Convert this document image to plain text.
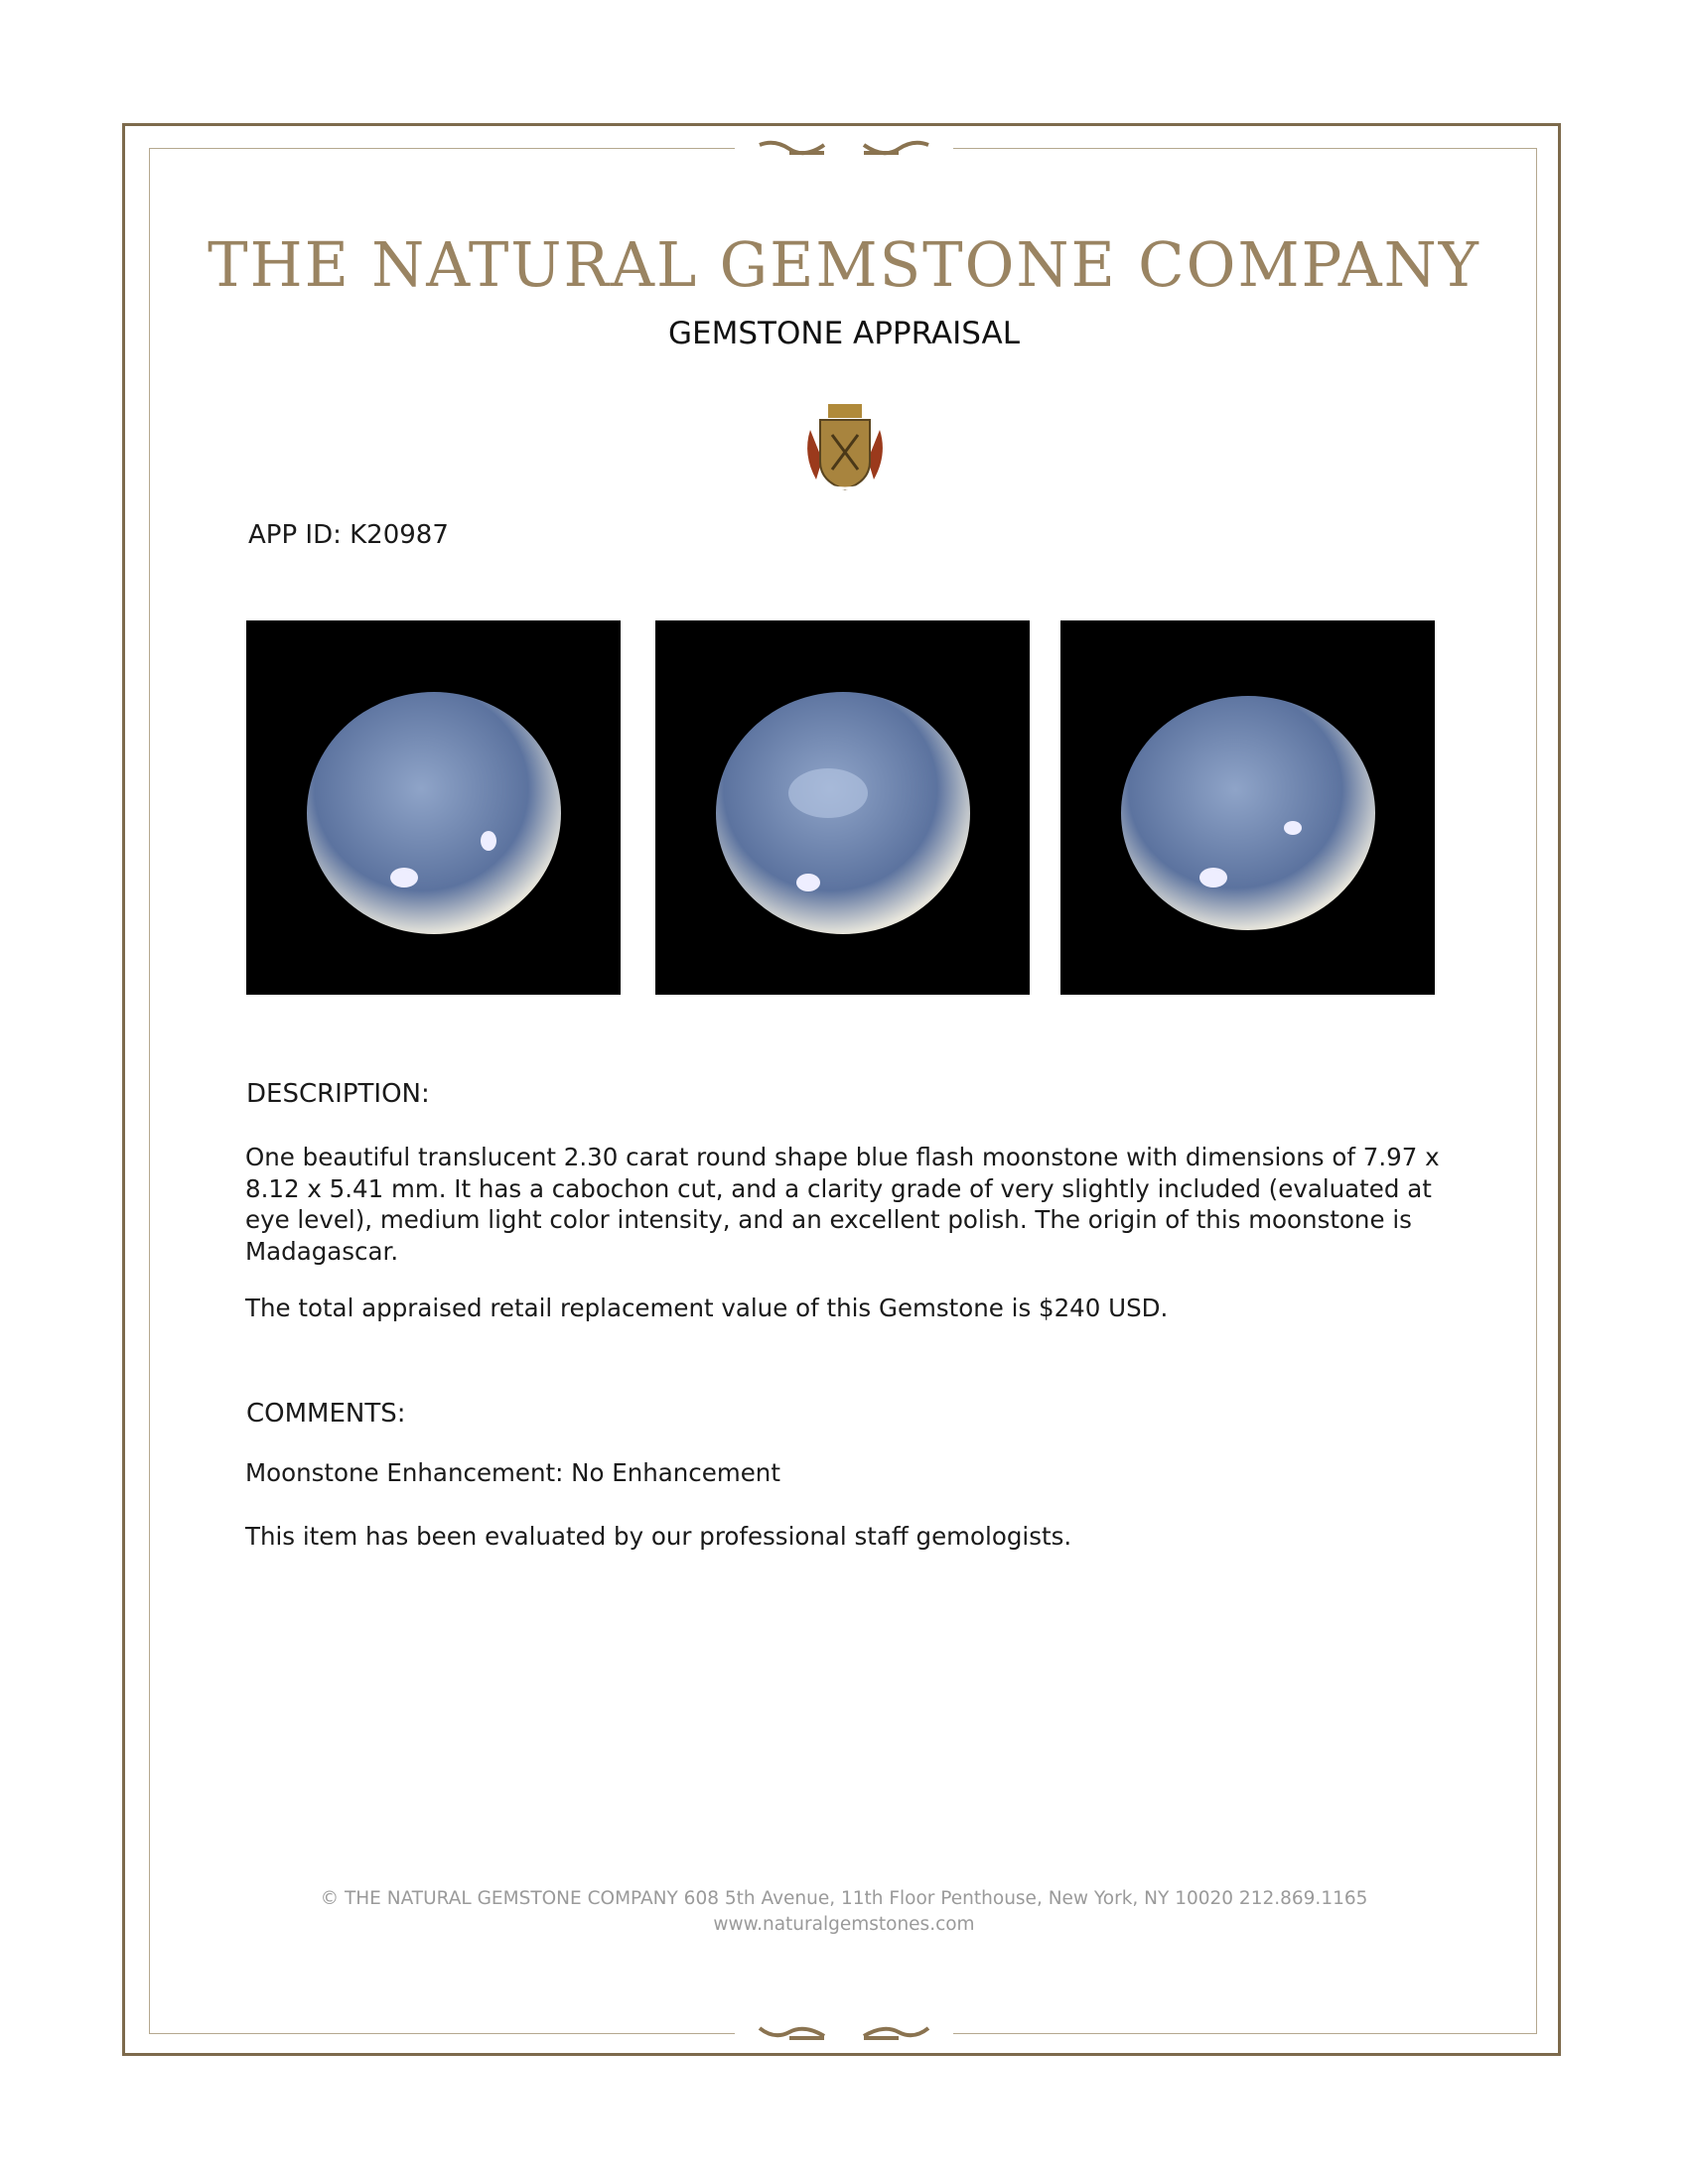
THE NATURAL GEMSTONE COMPANY
GEMSTONE APPRAISAL
APP ID: K20987
DESCRIPTION:
One beautiful translucent 2.30 carat round shape blue flash moonstone with dimensions of 7.97 x 8.12 x 5.41 mm. It has a cabochon cut, and a clarity grade of very slightly included (evaluated at eye level), medium light color intensity, and an excellent polish. The origin of this moonstone is Madagascar.
The total appraised retail replacement value of this Gemstone is $240 USD.
COMMENTS:
Moonstone Enhancement: No Enhancement
This item has been evaluated by our professional staff gemologists.
© THE NATURAL GEMSTONE COMPANY 608 5th Avenue, 11th Floor Penthouse, New York, NY 10020 212.869.1165
www.naturalgemstones.com
